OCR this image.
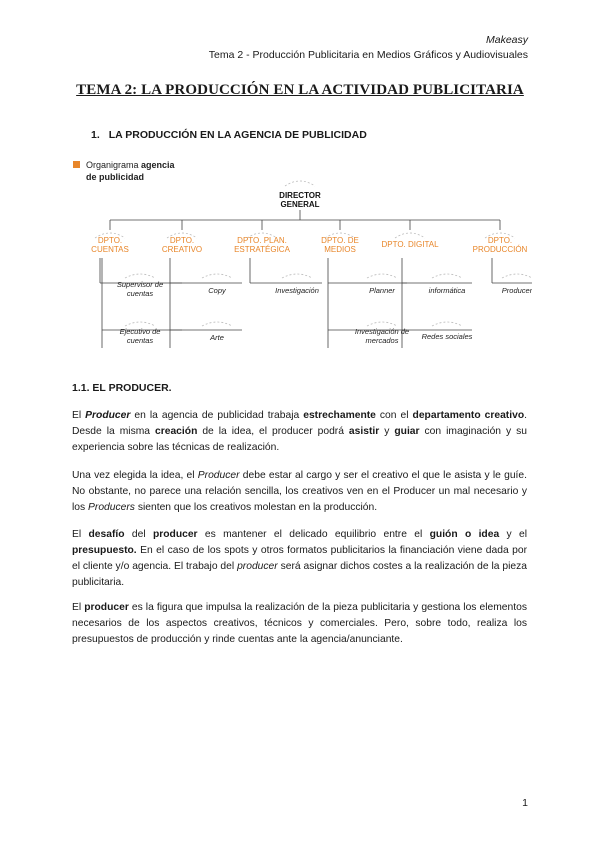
Makeasy
Tema 2 - Producción Publicitaria en Medios Gráficos y Audiovisuales
TEMA 2: LA PRODUCCIÓN EN LA ACTIVIDAD PUBLICITARIA
1. LA PRODUCCIÓN EN LA AGENCIA DE PUBLICIDAD
Organigrama agencia
de publicidad
DIRECTOR
GENERAL
DPTO.
CUENTAS
DPTO.
CREATIVO
DPTO. PLAN.
ESTRATÉGICA
DPTO. DE
MEDIOS
DPTO. DIGITAL	DPTO.
PRODUCCIÓN
Supervisor de
cuentas
Ejecutivo de
cuentas
Copy
Arte
Investigación	Planner
Investigación de
mercados
informática
Redes sociales
Producer
1.1. EL PRODUCER.
El Producer en la agencia de publicidad trabaja estrechamente con el departamento creativo. Desde la misma creación de la idea, el producer podrá asistir y guiar con imaginación y su experiencia sobre las técnicas de realización.
Una vez elegida la idea, el Producer debe estar al cargo y ser el creativo el que le asista y le guíe. No obstante, no parece una relación sencilla, los creativos ven en el Producer un mal necesario y los Producers sienten que los creativos molestan en la producción.
El desafío del producer es mantener el delicado equilibrio entre el guión o idea y el presupuesto. En el caso de los spots y otros formatos publicitarios la financiación viene dada por el cliente y/o agencia. El trabajo del producer será asignar dichos costes a la realización de la pieza publicitaria.
El producer es la figura que impulsa la realización de la pieza publicitaria y gestiona los elementos necesarios de los aspectos creativos, técnicos y comerciales. Pero, sobre todo, realiza los presupuestos de producción y rinde cuentas ante la agencia/anunciante.
1
